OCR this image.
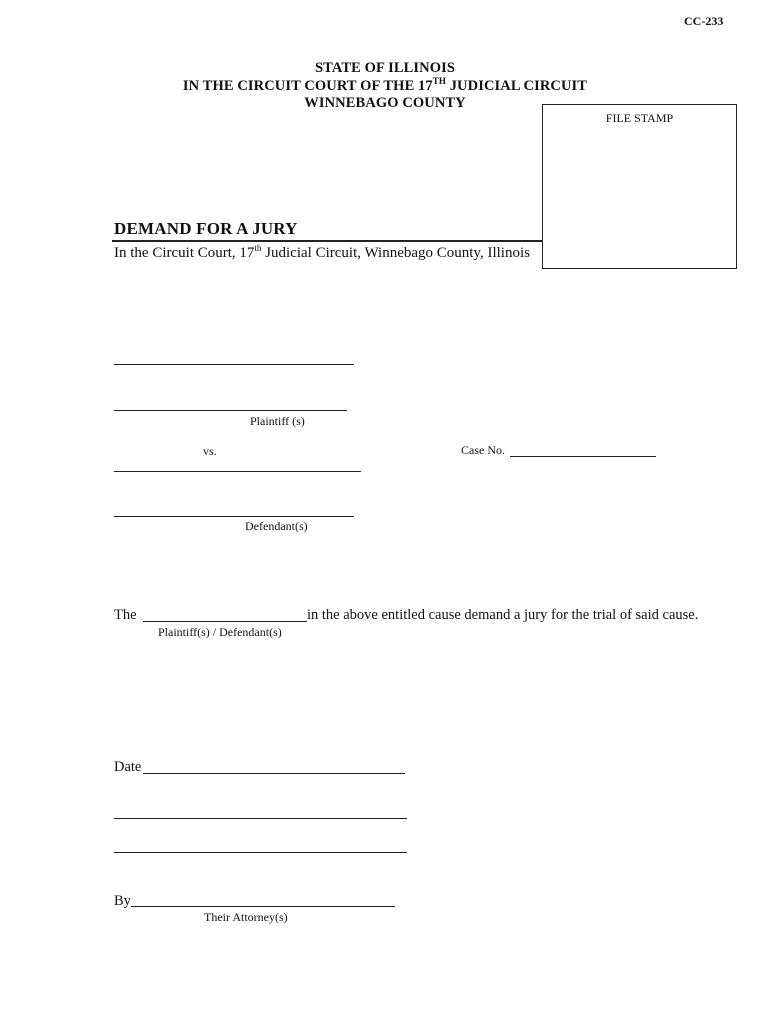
CC-233
STATE OF ILLINOIS
IN THE CIRCUIT COURT OF THE 17TH JUDICIAL CIRCUIT
WINNEBAGO COUNTY
FILE STAMP
DEMAND FOR A JURY
In the Circuit Court, 17th Judicial Circuit, Winnebago County, Illinois
Plaintiff (s)
vs.	Case No.
Defendant(s)
The	in the above entitled cause demand a jury for the trial of said cause.
Plaintiff(s) / Defendant(s)
Date
By
Their Attorney(s)
